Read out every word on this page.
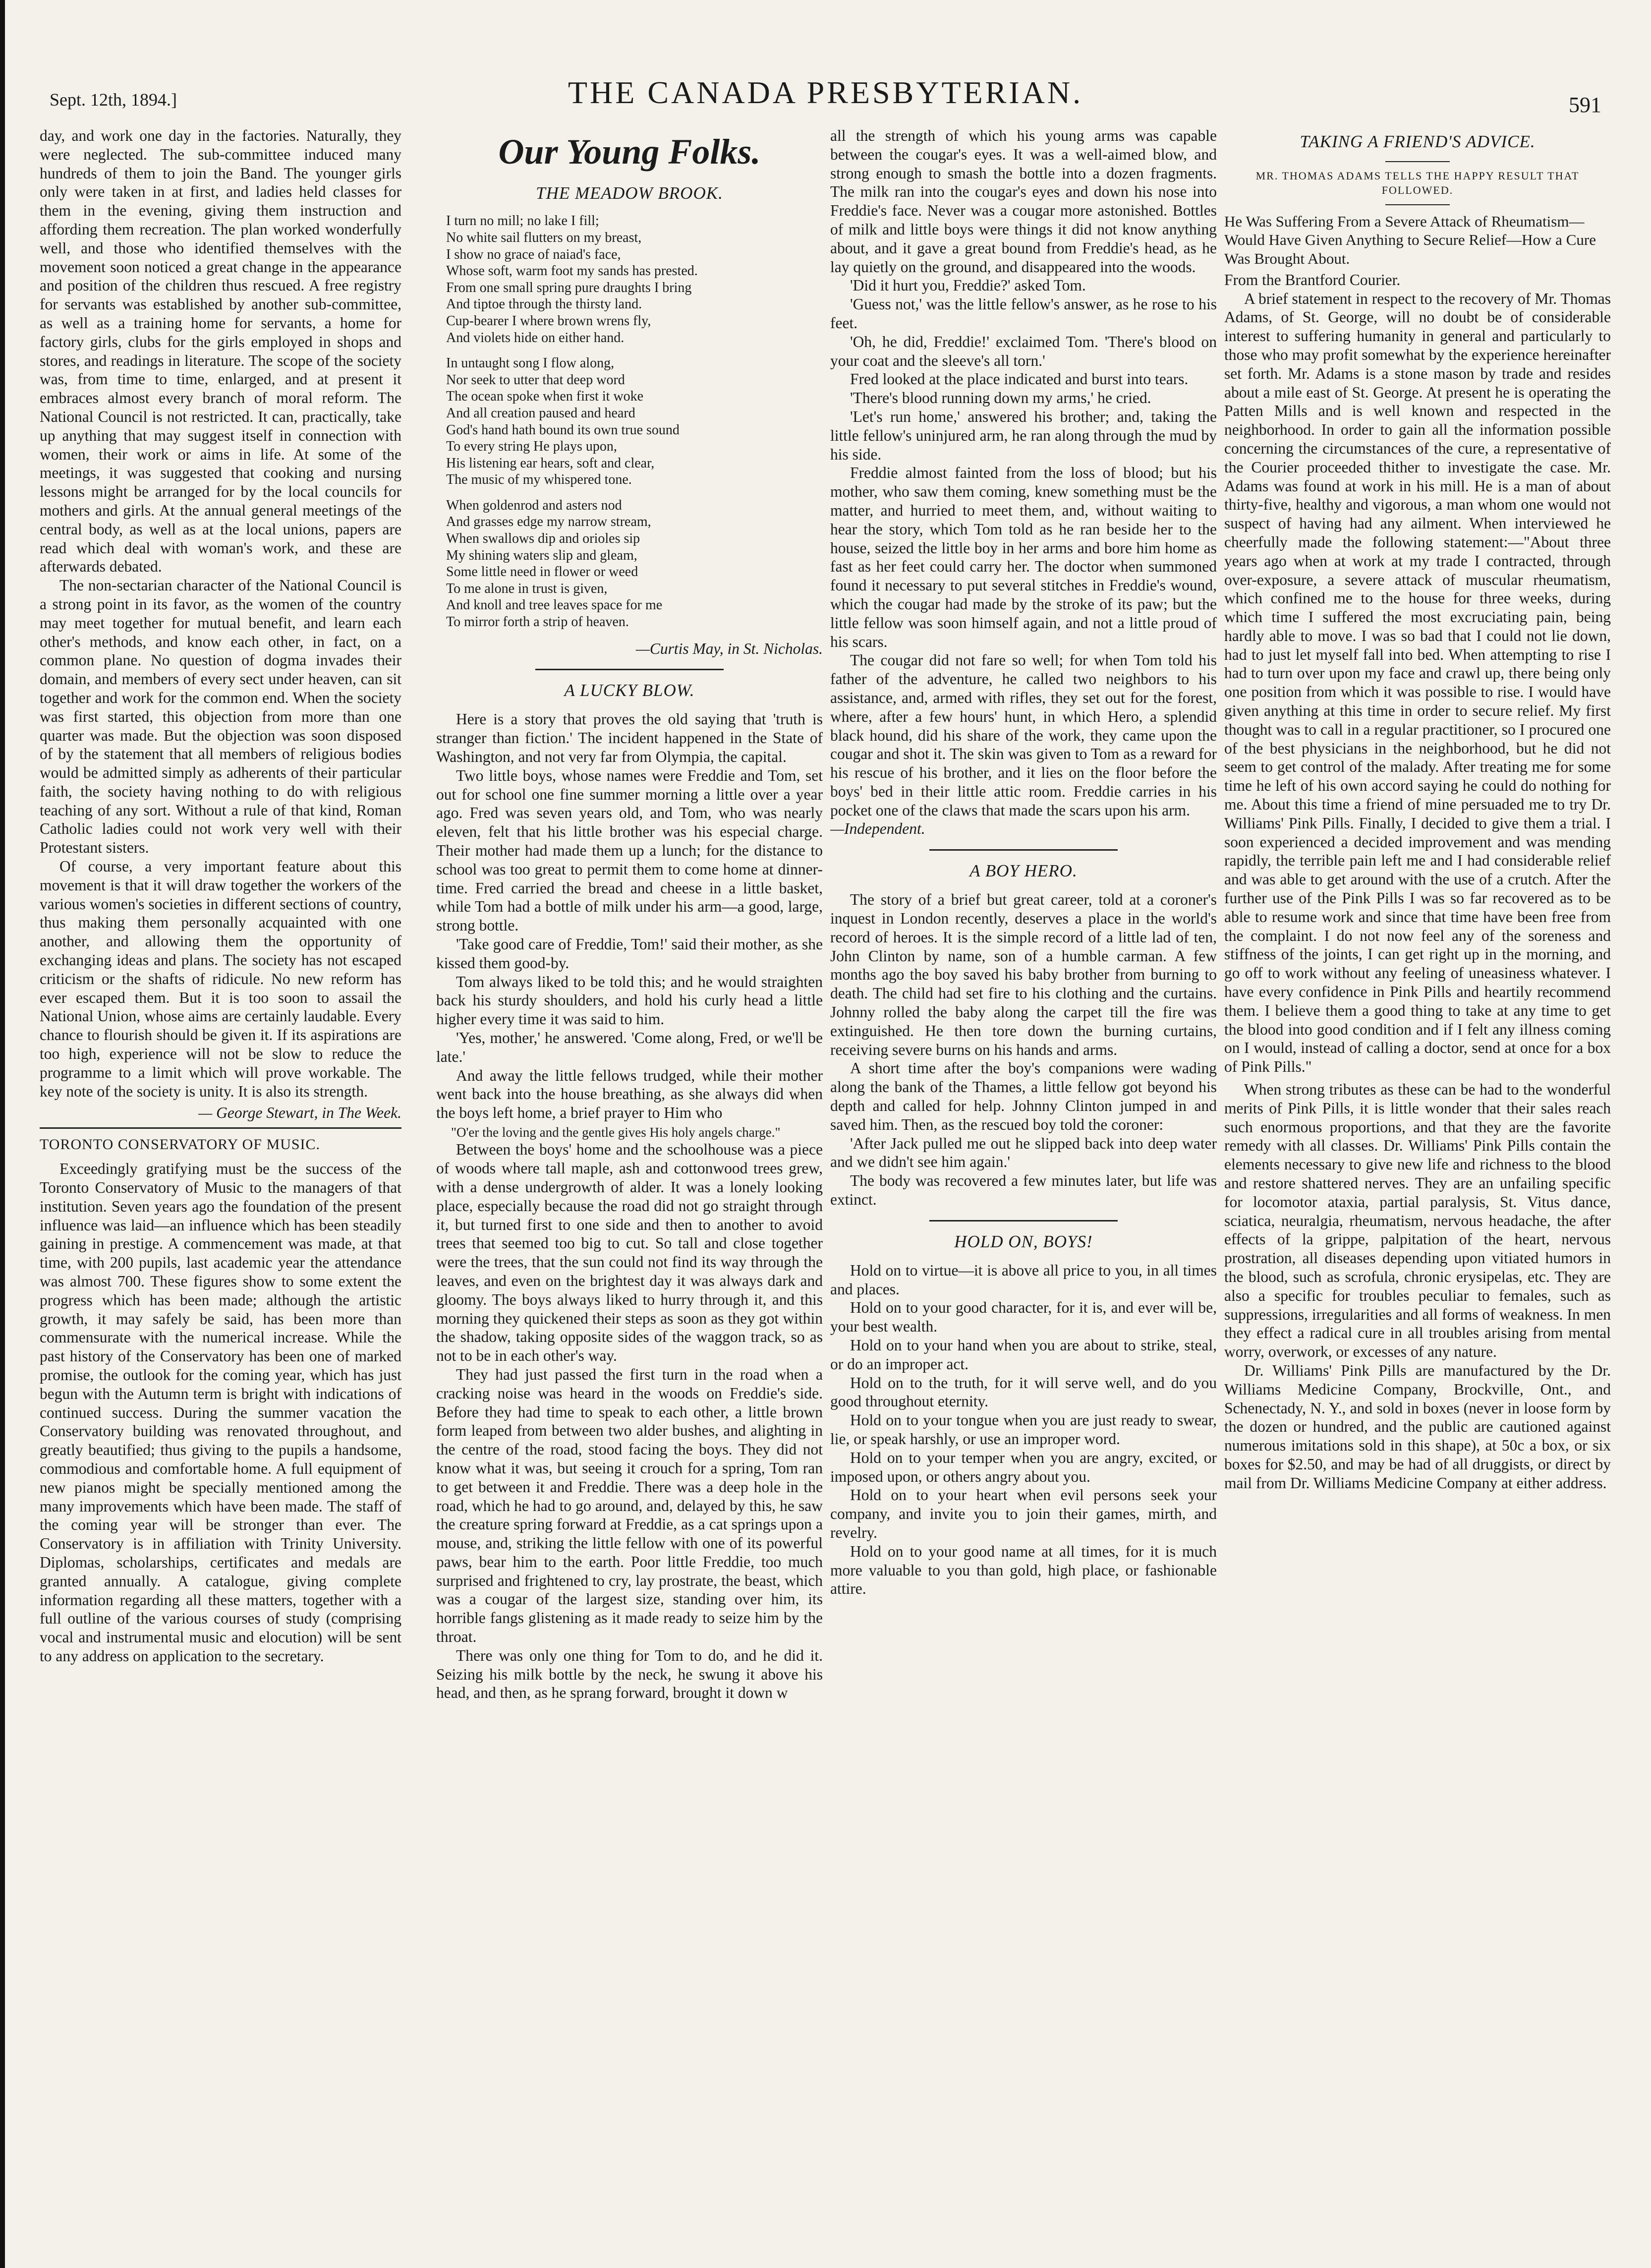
Sept. 12th, 1894.]	THE CANADA PRESBYTERIAN.	591

day, and work one day in the factories. Naturally, they were neglected. The sub-committee induced many hundreds of them to join the Band. The younger girls only were taken in at first, and ladies held classes for them in the evening, giving them instruction and affording them recreation. The plan worked wonderfully well, and those who identified themselves with the movement soon noticed a great change in the appearance and position of the children thus rescued. A free registry for servants was established by another sub-committee, as well as a training home for servants, a home for factory girls, clubs for the girls employed in shops and stores, and readings in literature. The scope of the society was, from time to time, enlarged, and at present it embraces almost every branch of moral reform. The National Council is not restricted. It can, practically, take up anything that may suggest itself in connection with women, their work or aims in life. At some of the meetings, it was suggested that cooking and nursing lessons might be arranged for by the local councils for mothers and girls. At the annual general meetings of the central body, as well as at the local unions, papers are read which deal with woman's work, and these are afterwards debated.

The non-sectarian character of the National Council is a strong point in its favor, as the women of the country may meet together for mutual benefit, and learn each other's methods, and know each other, in fact, on a common plane. No question of dogma invades their domain, and members of every sect under heaven, can sit together and work for the common end. When the society was first started, this objection from more than one quarter was made. But the objection was soon disposed of by the statement that all members of religious bodies would be admitted simply as adherents of their particular faith, the society having nothing to do with religious teaching of any sort. Without a rule of that kind, Roman Catholic ladies could not work very well with their Protestant sisters.

Of course, a very important feature about this movement is that it will draw together the workers of the various women's societies in different sections of country, thus making them personally acquainted with one another, and allowing them the opportunity of exchanging ideas and plans. The society has not escaped criticism or the shafts of ridicule. No new reform has ever escaped them. But it is too soon to assail the National Union, whose aims are certainly laudable. Every chance to flourish should be given it. If its aspirations are too high, experience will not be slow to reduce the programme to a limit which will prove workable. The key note of the society is unity. It is also its strength.

— George Stewart, in The Week.

TORONTO CONSERVATORY OF MUSIC.

Exceedingly gratifying must be the success of the Toronto Conservatory of Music to the managers of that institution. Seven years ago the foundation of the present influence was laid—an influence which has been steadily gaining in prestige. A commencement was made, at that time, with 200 pupils, last academic year the attendance was almost 700. These figures show to some extent the progress which has been made; although the artistic growth, it may safely be said, has been more than commensurate with the numerical increase. While the past history of the Conservatory has been one of marked promise, the outlook for the coming year, which has just begun with the Autumn term is bright with indications of continued success. During the summer vacation the Conservatory building was renovated throughout, and greatly beautified; thus giving to the pupils a handsome, commodious and comfortable home. A full equipment of new pianos might be specially mentioned among the many improvements which have been made. The staff of the coming year will be stronger than ever. The Conservatory is in affiliation with Trinity University. Diplomas, scholarships, certificates and medals are granted annually. A catalogue, giving complete information regarding all these matters, together with a full outline of the various courses of study (comprising vocal and instrumental music and elocution) will be sent to any address on application to the secretary.

Our Young Folks.
THE MEADOW BROOK.
I turn no mill; no lake I fill;
No white sail flutters on my breast,
I show no grace of naiad's face,
Whose soft, warm foot my sands has prested.
From one small spring pure draughts I bring
And tiptoe through the thirsty land.
Cup-bearer I where brown wrens fly,
And violets hide on either hand.
In untaught song I flow along,
Nor seek to utter that deep word
The ocean spoke when first it woke
And all creation paused and heard
God's hand hath bound its own true sound
To every string He plays upon,
His listening ear hears, soft and clear,
The music of my whispered tone.
When goldenrod and asters nod
And grasses edge my narrow stream,
When swallows dip and orioles sip
My shining waters slip and gleam,
Some little need in flower or weed
To me alone in trust is given,
And knoll and tree leaves space for me
To mirror forth a strip of heaven.

—Curtis May, in St. Nicholas.

A LUCKY BLOW.

Here is a story that proves the old saying that 'truth is stranger than fiction.' The incident happened in the State of Washington, and not very far from Olympia, the capital.

Two little boys, whose names were Freddie and Tom, set out for school one fine summer morning a little over a year ago. Fred was seven years old, and Tom, who was nearly eleven, felt that his little brother was his especial charge. Their mother had made them up a lunch; for the distance to school was too great to permit them to come home at dinner-time. Fred carried the bread and cheese in a little basket, while Tom had a bottle of milk under his arm—a good, large, strong bottle.

'Take good care of Freddie, Tom!' said their mother, as she kissed them good-by.

Tom always liked to be told this; and he would straighten back his sturdy shoulders, and hold his curly head a little higher every time it was said to him.

'Yes, mother,' he answered. 'Come along, Fred, or we'll be late.'

And away the little fellows trudged, while their mother went back into the house breathing, as she always did when the boys left home, a brief prayer to Him who

"O'er the loving and the gentle gives His holy angels charge."

Between the boys' home and the schoolhouse was a piece of woods where tall maple, ash and cottonwood trees grew, with a dense undergrowth of alder. It was a lonely looking place, especially because the road did not go straight through it, but turned first to one side and then to another to avoid trees that seemed too big to cut. So tall and close together were the trees, that the sun could not find its way through the leaves, and even on the brightest day it was always dark and gloomy. The boys always liked to hurry through it, and this morning they quickened their steps as soon as they got within the shadow, taking opposite sides of the waggon track, so as not to be in each other's way.

They had just passed the first turn in the road when a cracking noise was heard in the woods on Freddie's side. Before they had time to speak to each other, a little brown form leaped from between two alder bushes, and alighting in the centre of the road, stood facing the boys. They did not know what it was, but seeing it crouch for a spring, Tom ran to get between it and Freddie. There was a deep hole in the road, which he had to go around, and, delayed by this, he saw the creature spring forward at Freddie, as a cat springs upon a mouse, and, striking the little fellow with one of its powerful paws, bear him to the earth. Poor little Freddie, too much surprised and frightened to cry, lay prostrate, the beast, which was a cougar of the largest size, standing over him, its horrible fangs glistening as it made ready to seize him by the throat.

There was only one thing for Tom to do, and he did it. Seizing his milk bottle by the neck, he swung it above his head, and then, as he sprang forward, brought it down w

all the strength of which his young arms was capable between the cougar's eyes. It was a well-aimed blow, and strong enough to smash the bottle into a dozen fragments. The milk ran into the cougar's eyes and down his nose into Freddie's face. Never was a cougar more astonished. Bottles of milk and little boys were things it did not know anything about, and it gave a great bound from Freddie's head, as he lay quietly on the ground, and disappeared into the woods.

'Did it hurt you, Freddie?' asked Tom.

'Guess not,' was the little fellow's answer, as he rose to his feet.

'Oh, he did, Freddie!' exclaimed Tom. 'There's blood on your coat and the sleeve's all torn.'

Fred looked at the place indicated and burst into tears.

'There's blood running down my arms,' he cried.

'Let's run home,' answered his brother; and, taking the little fellow's uninjured arm, he ran along through the mud by his side.

Freddie almost fainted from the loss of blood; but his mother, who saw them coming, knew something must be the matter, and hurried to meet them, and, without waiting to hear the story, which Tom told as he ran beside her to the house, seized the little boy in her arms and bore him home as fast as her feet could carry her. The doctor when summoned found it necessary to put several stitches in Freddie's wound, which the cougar had made by the stroke of its paw; but the little fellow was soon himself again, and not a little proud of his scars.

The cougar did not fare so well; for when Tom told his father of the adventure, he called two neighbors to his assistance, and, armed with rifles, they set out for the forest, where, after a few hours' hunt, in which Hero, a splendid black hound, did his share of the work, they came upon the cougar and shot it. The skin was given to Tom as a reward for his rescue of his brother, and it lies on the floor before the boys' bed in their little attic room. Freddie carries in his pocket one of the claws that made the scars upon his arm.

—Independent.

A BOY HERO.

The story of a brief but great career, told at a coroner's inquest in London recently, deserves a place in the world's record of heroes. It is the simple record of a little lad of ten, John Clinton by name, son of a humble carman. A few months ago the boy saved his baby brother from burning to death. The child had set fire to his clothing and the curtains. Johnny rolled the baby along the carpet till the fire was extinguished. He then tore down the burning curtains, receiving severe burns on his hands and arms.

A short time after the boy's companions were wading along the bank of the Thames, a little fellow got beyond his depth and called for help. Johnny Clinton jumped in and saved him. Then, as the rescued boy told the coroner:

'After Jack pulled me out he slipped back into deep water and we didn't see him again.'

The body was recovered a few minutes later, but life was extinct.

HOLD ON, BOYS!

Hold on to virtue—it is above all price to you, in all times and places.

Hold on to your good character, for it is, and ever will be, your best wealth.

Hold on to your hand when you are about to strike, steal, or do an improper act.

Hold on to the truth, for it will serve well, and do you good throughout eternity.

Hold on to your tongue when you are just ready to swear, lie, or speak harshly, or use an improper word.

Hold on to your temper when you are angry, excited, or imposed upon, or others angry about you.

Hold on to your heart when evil persons seek your company, and invite you to join their games, mirth, and revelry.

Hold on to your good name at all times, for it is much more valuable to you than gold, high place, or fashionable attire.

TAKING A FRIEND'S ADVICE.
MR. THOMAS ADAMS TELLS THE HAPPY RESULT THAT FOLLOWED.

He Was Suffering From a Severe Attack of Rheumatism—Would Have Given Anything to Secure Relief—How a Cure Was Brought About.

From the Brantford Courier.

A brief statement in respect to the recovery of Mr. Thomas Adams, of St. George, will no doubt be of considerable interest to suffering humanity in general and particularly to those who may profit somewhat by the experience hereinafter set forth. Mr. Adams is a stone mason by trade and resides about a mile east of St. George. At present he is operating the Patten Mills and is well known and respected in the neighborhood. In order to gain all the information possible concerning the circumstances of the cure, a representative of the Courier proceeded thither to investigate the case. Mr. Adams was found at work in his mill. He is a man of about thirty-five, healthy and vigorous, a man whom one would not suspect of having had any ailment. When interviewed he cheerfully made the following statement:—"About three years ago when at work at my trade I contracted, through over-exposure, a severe attack of muscular rheumatism, which confined me to the house for three weeks, during which time I suffered the most excruciating pain, being hardly able to move. I was so bad that I could not lie down, had to just let myself fall into bed. When attempting to rise I had to turn over upon my face and crawl up, there being only one position from which it was possible to rise. I would have given anything at this time in order to secure relief. My first thought was to call in a regular practitioner, so I procured one of the best physicians in the neighborhood, but he did not seem to get control of the malady. After treating me for some time he left of his own accord saying he could do nothing for me. About this time a friend of mine persuaded me to try Dr. Williams' Pink Pills. Finally, I decided to give them a trial. I soon experienced a decided improvement and was mending rapidly, the terrible pain left me and I had considerable relief and was able to get around with the use of a crutch. After the further use of the Pink Pills I was so far recovered as to be able to resume work and since that time have been free from the complaint. I do not now feel any of the soreness and stiffness of the joints, I can get right up in the morning, and go off to work without any feeling of uneasiness whatever. I have every confidence in Pink Pills and heartily recommend them. I believe them a good thing to take at any time to get the blood into good condition and if I felt any illness coming on I would, instead of calling a doctor, send at once for a box of Pink Pills."

When strong tributes as these can be had to the wonderful merits of Pink Pills, it is little wonder that their sales reach such enormous proportions, and that they are the favorite remedy with all classes. Dr. Williams' Pink Pills contain the elements necessary to give new life and richness to the blood and restore shattered nerves. They are an unfailing specific for locomotor ataxia, partial paralysis, St. Vitus dance, sciatica, neuralgia, rheumatism, nervous headache, the after effects of la grippe, palpitation of the heart, nervous prostration, all diseases depending upon vitiated humors in the blood, such as scrofula, chronic erysipelas, etc. They are also a specific for troubles peculiar to females, such as suppressions, irregularities and all forms of weakness. In men they effect a radical cure in all troubles arising from mental worry, overwork, or excesses of any nature.

Dr. Williams' Pink Pills are manufactured by the Dr. Williams Medicine Company, Brockville, Ont., and Schenectady, N. Y., and sold in boxes (never in loose form by the dozen or hundred, and the public are cautioned against numerous imitations sold in this shape), at 50c a box, or six boxes for $2.50, and may be had of all druggists, or direct by mail from Dr. Williams Medicine Company at either address.
